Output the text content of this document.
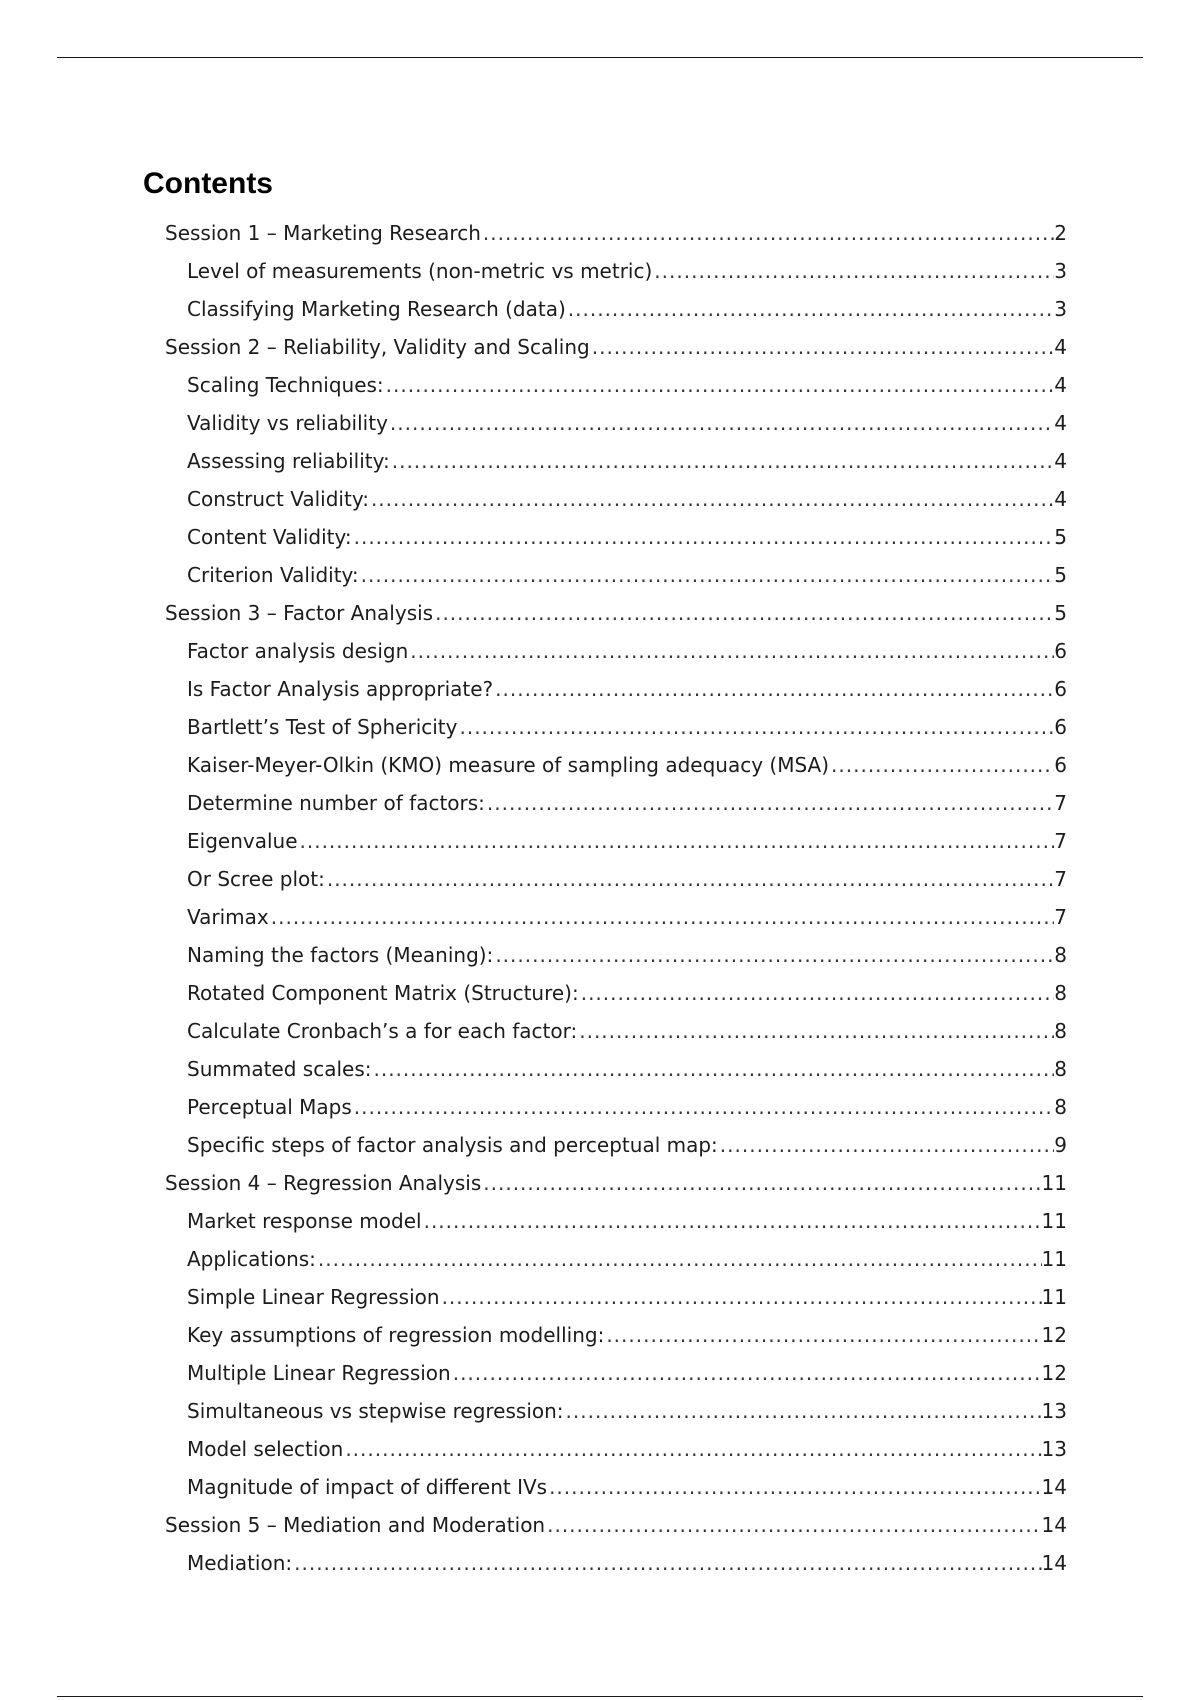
Contents
Session 1 – Marketing Research .....	2
Level of measurements (non-metric vs metric) .....	3
Classifying Marketing Research (data) .....	3
Session 2 – Reliability, Validity and Scaling .....	4
Scaling Techniques: .....	4
Validity vs reliability .....	4
Assessing reliability: .....	4
Construct Validity: .....	4
Content Validity: .....	5
Criterion Validity: .....	5
Session 3 – Factor Analysis .....	5
Factor analysis design .....	6
Is Factor Analysis appropriate? .....	6
Bartlett’s Test of Sphericity .....	6
Kaiser-Meyer-Olkin (KMO) measure of sampling adequacy (MSA) .....	6
Determine number of factors: .....	7
Eigenvalue .....	7
Or Scree plot: .....	7
Varimax .....	7
Naming the factors (Meaning): .....	8
Rotated Component Matrix (Structure): .....	8
Calculate Cronbach’s a for each factor: .....	8
Summated scales: .....	8
Perceptual Maps .....	8
Specific steps of factor analysis and perceptual map: .....	9
Session 4 – Regression Analysis .....	11
Market response model .....	11
Applications: .....	11
Simple Linear Regression .....	11
Key assumptions of regression modelling: .....	12
Multiple Linear Regression .....	12
Simultaneous vs stepwise regression: .....	13
Model selection .....	13
Magnitude of impact of different IVs .....	14
Session 5 – Mediation and Moderation .....	14
Mediation: .....	14
